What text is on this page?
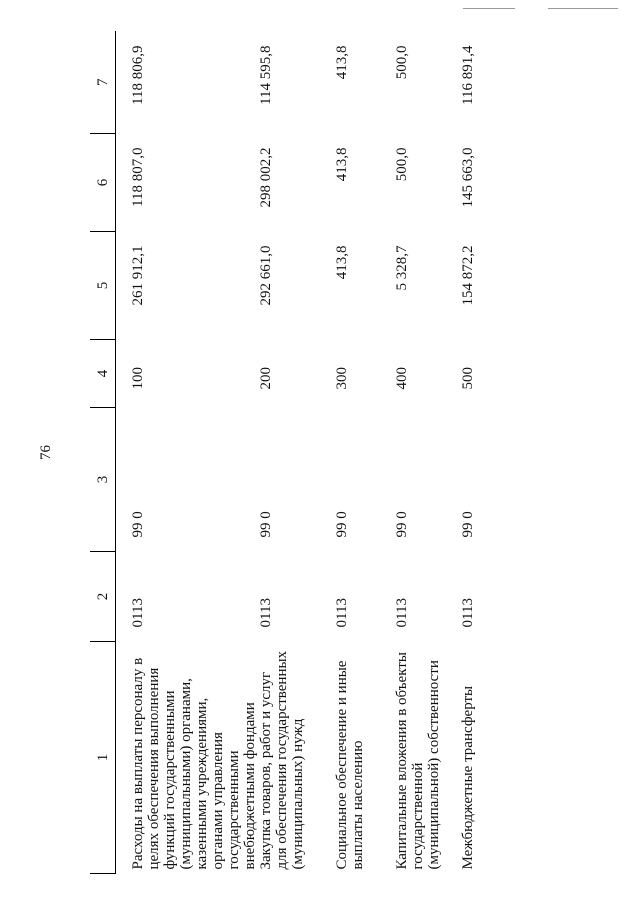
76
1	2	3	4	5	6	7
Расходы на выплаты персоналу в целях обеспечения выполнения функций государственными (муниципальными) органами, казенными учреждениями, органами управления государственными внебюджетными фондами	0113	99 0	100	261 912,1	118 807,0	118 806,9
Закупка товаров, работ и услуг для обеспечения государственных (муниципальных) нужд	0113	99 0	200	292 661,0	298 002,2	114 595,8
Социальное обеспечение и иные выплаты населению	0113	99 0	300	413,8	413,8	413,8
Капитальные вложения в объекты государственной (муниципальной) собственности	0113	99 0	400	5 328,7	500,0	500,0
Межбюджетные трансферты	0113	99 0	500	154 872,2	145 663,0	116 891,4
